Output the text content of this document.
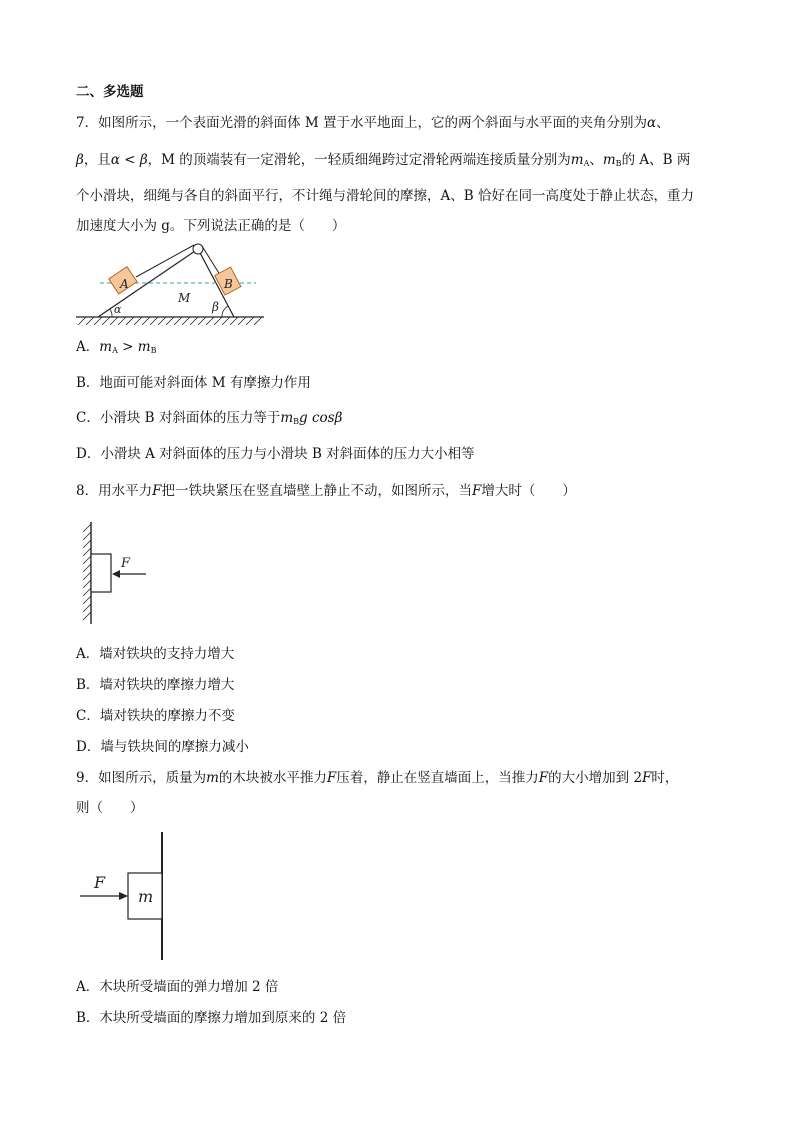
二、多选题
7．如图所示，一个表面光滑的斜面体 M 置于水平地面上，它的两个斜面与水平面的夹角分别为α、
β，且α < β，M 的顶端装有一定滑轮，一轻质细绳跨过定滑轮两端连接质量分别为$m_A$、$m_B$的 A、B 两
个小滑块，细绳与各自的斜面平行，不计绳与滑轮间的摩擦，A、B 恰好在同一高度处于静止状态，重力
加速度大小为 g。下列说法正确的是（　　）
A	B
M
α	β
A．$m_A > m_B$
B．地面可能对斜面体 M 有摩擦力作用
C．小滑块 B 对斜面体的压力等于$m_Bg$ cosβ
D．小滑块 A 对斜面体的压力与小滑块 B 对斜面体的压力大小相等
8．用水平力F把一铁块紧压在竖直墙壁上静止不动，如图所示，当F增大时（　　）
F
A．墙对铁块的支持力增大
B．墙对铁块的摩擦力增大
C．墙对铁块的摩擦力不变
D．墙与铁块间的摩擦力减小
9．如图所示，质量为m的木块被水平推力F压着，静止在竖直墙面上，当推力F的大小增加到 2F时，
则（　　）
m
F
A．木块所受墙面的弹力增加 2 倍
B．木块所受墙面的摩擦力增加到原来的 2 倍
